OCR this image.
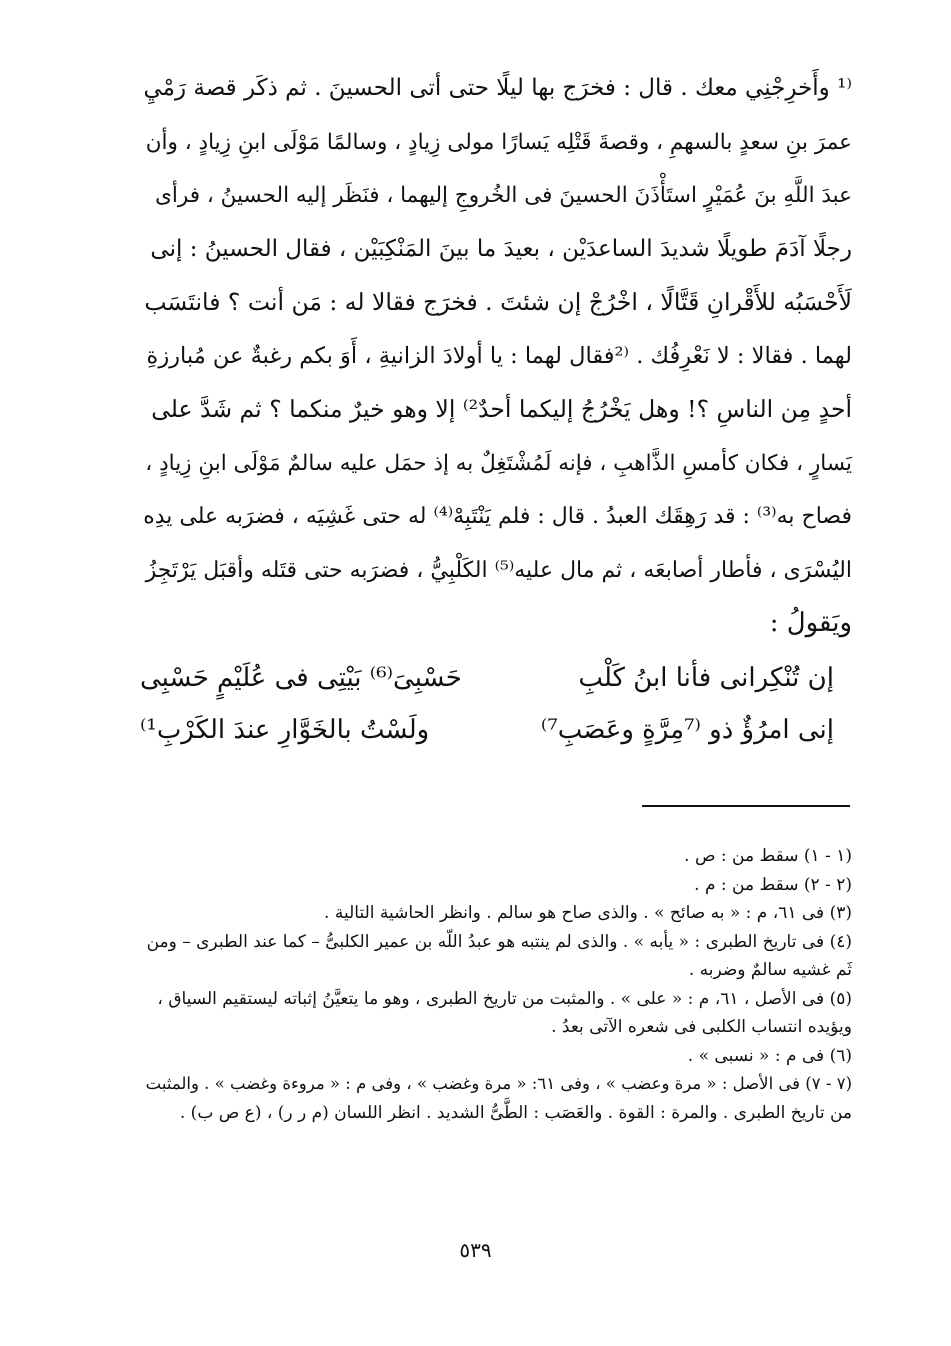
⁽¹ وأَخرِجْنِي معك . قال : فخرَج بها ليلًا حتى أتى الحسينَ . ثم ذكَر قصة رَمْيِ
عمرَ بنِ سعدٍ بالسهمِ ، وقصةَ قَتْلِه يَسارًا مولى زِيادٍ ، وسالمًا مَوْلَى ابنِ زِيادٍ ، وأن
عبدَ اللَّهِ بنَ عُمَيْرٍ استَأْذَنَ الحسينَ فى الخُروجِ إليهما ، فنَظَر إليه الحسينُ ، فرأى
رجلًا آدَمَ طويلًا شديدَ الساعدَيْن ، بعيدَ ما بينَ المَنْكِبَيْن ، فقال الحسينُ : إنى
لَأَحْسَبُه للأَقْرانِ قَتَّالًا ، اخْرُجْ إن شئتَ . فخرَج فقالا له : مَن أنت ؟ فانتَسَب
لهما . فقالا : لا نَعْرِفُك . ⁽²فقال لهما : يا أولادَ الزانيةِ ، أَوَ بكم رغبةٌ عن مُبارزةِ
أحدٍ مِن الناسِ ؟! وهل يَخْرُجُ إليكما أحدٌ²⁾ إلا وهو خيرٌ منكما ؟ ثم شَدَّ على
يَسارٍ ، فكان كأمسِ الذَّاهبِ ، فإنه لَمُشْتَغِلٌ به إذ حمَل عليه سالمٌ مَوْلَى ابنِ زِيادٍ ،
فصاح به⁽³⁾ : قد رَهِقَك العبدُ . قال : فلم يَنْتَبِهْ⁽⁴⁾ له حتى غَشِيَه ، فضرَبه على يدِه
اليُسْرَى ، فأطار أصابعَه ، ثم مال عليه⁽⁵⁾ الكَلْبِيُّ ، فضرَبه حتى قتَله وأقبَل يَرْتَجِزُ
ويَقولُ :
إن تُنْكِرانى فأنا ابنُ كَلْبِ
حَسْبِىَ⁽⁶⁾ بَيْتِى فى عُلَيْمٍ حَسْبِى
إنى امرُؤٌ ذو ⁽⁷مِرَّةٍ وعَصَبِ⁷⁾
ولَسْتُ بالخَوَّارِ عندَ الكَرْبِ¹⁾
(١ - ١) سقط من : ص .
(٢ - ٢) سقط من : م .
(٣) فى ٦١، م : « به صائح » . والذى صاح هو سالم . وانظر الحاشية التالية .
(٤) فى تاريخ الطبرى : « يأبه » . والذى لم ينتبه هو عبدُ اللّه بن عمير الكلبىُّ – كما عند الطبرى – ومن
ثَم غشيه سالمٌ وضربه .
(٥) فى الأصل ، ٦١، م : « على » . والمثبت من تاريخ الطبرى ، وهو ما يتعيَّنُ إثباته ليستقيم السياق ،
ويؤيده انتساب الكلبى فى شعره الآتى بعدُ .
(٦) فى م : « نسبى » .
(٧ - ٧) فى الأصل : « مرة وعضب » ، وفى ٦١: « مرة وغضب » ، وفى م : « مروءة وغضب » . والمثبت
من تاريخ الطبرى . والمرة : القوة . والعَصَب : الطَّىُّ الشديد . انظر اللسان (م ر ر) ، (ع ص ب) .
٥٣٩
